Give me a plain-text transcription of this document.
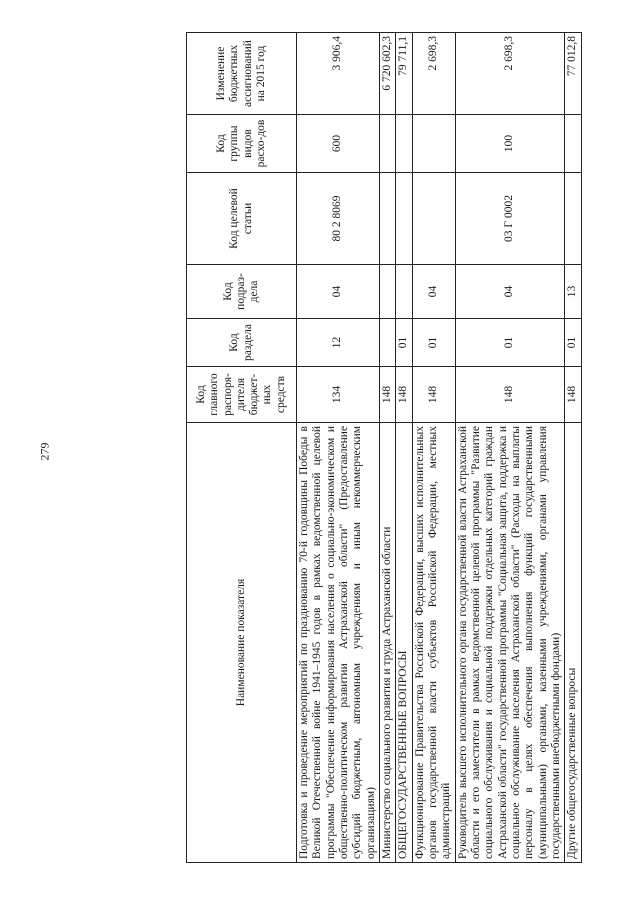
279
Наименование показателя	Код главного распоря-дителя бюджет-ных средств	Код раздела	Код подраз-дела	Код целевой статьи	Код группы видов расхо-дов	Изменение бюджетных ассигнований на 2015 год
Подготовка и проведение мероприятий по празднованию 70-й годовщины Победы в Великой Отечественной войне 1941–1945 годов в рамках ведомственной целевой программы "Обеспечение информирования населения о социально-экономическом и общественно-политическом развитии Астраханской области" (Предоставление субсидий бюджетным, автономным учреждениям и иным некоммерческим организациям)	134	12	04	80 2 8069	600	3 906,4
Министерство социального развития и труда Астраханской области	148					6 720 602,3
ОБЩЕГОСУДАРСТВЕННЫЕ ВОПРОСЫ	148	01				79 711,1
Функционирование Правительства Российской Федерации, высших исполнительных органов государственной власти субъектов Российской Федерации, местных администраций	148	01	04			2 698,3
Руководитель высшего исполнительного органа государственной власти Астраханской области и его заместители в рамках ведомственной целевой программы "Развитие социального обслуживания и социальной поддержки отдельных категорий граждан Астраханской области" государственной программы "Социальная защита, поддержка и социальное обслуживание населения Астраханской области" (Расходы на выплаты персоналу в целях обеспечения выполнения функций государственными (муниципальными) органами, казенными учреждениями, органами управления государственными внебюджетными фондами)	148	01	04	03 Г 0002	100	2 698,3
Другие общегосударственные вопросы	148	01	13			77 012,8
